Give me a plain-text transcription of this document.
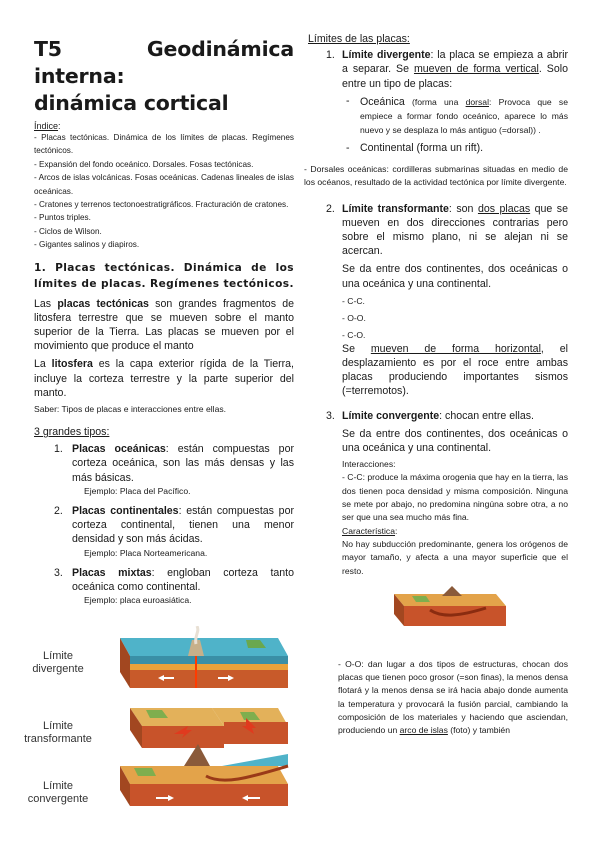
T5 Geodinámica interna:
dinámica cortical
Índice:
- Placas tectónicas. Dinámica de los límites de placas. Regímenes tectónicos.
- Expansión del fondo oceánico. Dorsales. Fosas tectónicas.
- Arcos de islas volcánicas. Fosas oceánicas. Cadenas lineales de islas oceánicas.
- Cratones y terrenos tectonoestratigráficos. Fracturación de cratones.
- Puntos triples.
- Ciclos de Wilson.
- Gigantes salinos y diapiros.
1. Placas tectónicas. Dinámica de los límites de placas. Regímenes tectónicos.
Las placas tectónicas son grandes fragmentos de litosfera terrestre que se mueven sobre el manto superior de la Tierra. Las placas se mueven por el movimiento que produce el manto
La litosfera es la capa exterior rígida de la Tierra, incluye la corteza terrestre y la parte superior del manto.
Saber: Tipos de placas e interacciones entre ellas.
3 grandes tipos:
1. Placas oceánicas: están compuestas por corteza oceánica, son las más densas y las más básicas.
Ejemplo: Placa del Pacífico.
2. Placas continentales: están compuestas por corteza continental, tienen una menor densidad y son más ácidas.
Ejemplo: Placa Norteamericana.
3. Placas mixtas: engloban corteza tanto oceánica como continental.
Ejemplo: placa euroasiática.
Límite divergente
Límite transformante
Límite convergente
Límites de las placas:
1. Límite divergente: la placa se empieza a abrir a separar. Se mueven de forma vertical. Solo entre un tipo de placas:
- Oceánica (forma una dorsal: Provoca que se empiece a formar fondo oceánico, aparece lo más nuevo y se desplaza lo más antiguo (=dorsal)) .
- Continental (forma un rift).
- Dorsales oceánicas: cordilleras submarinas situadas en medio de los océanos, resultado de la actividad tectónica por límite divergente.
2. Límite transformante: son dos placas que se mueven en dos direcciones contrarias pero sobre el mismo plano, ni se alejan ni se acercan.
Se da entre dos continentes, dos oceánicas o una oceánica y una continental.
- C-C.
- O-O.
- C-O.
Se mueven de forma horizontal, el desplazamiento es por el roce entre ambas placas produciendo importantes sismos (=terremotos).
3. Límite convergente: chocan entre ellas.
Se da entre dos continentes, dos oceánicas o una oceánica y una continental.
Interacciones:
- C-C: produce la máxima orogenia que hay en la tierra, las dos tienen poca densidad y misma composición. Ninguna se mete por abajo, no predomina ningúna sobre otra, a no ser que una sea mucho más fina.
Característica:
No hay subducción predominante, genera los orógenos de mayor tamaño, y afecta a una mayor superficie que el resto.
- O-O: dan lugar a dos tipos de estructuras, chocan dos placas que tienen poco grosor (=son finas), la menos densa flotará y la menos densa se irá hacia abajo donde aumenta la temperatura y provocará la fusión parcial, cambiando la composición de los materiales y haciendo que asciendan, produciendo un arco de islas (foto) y también
